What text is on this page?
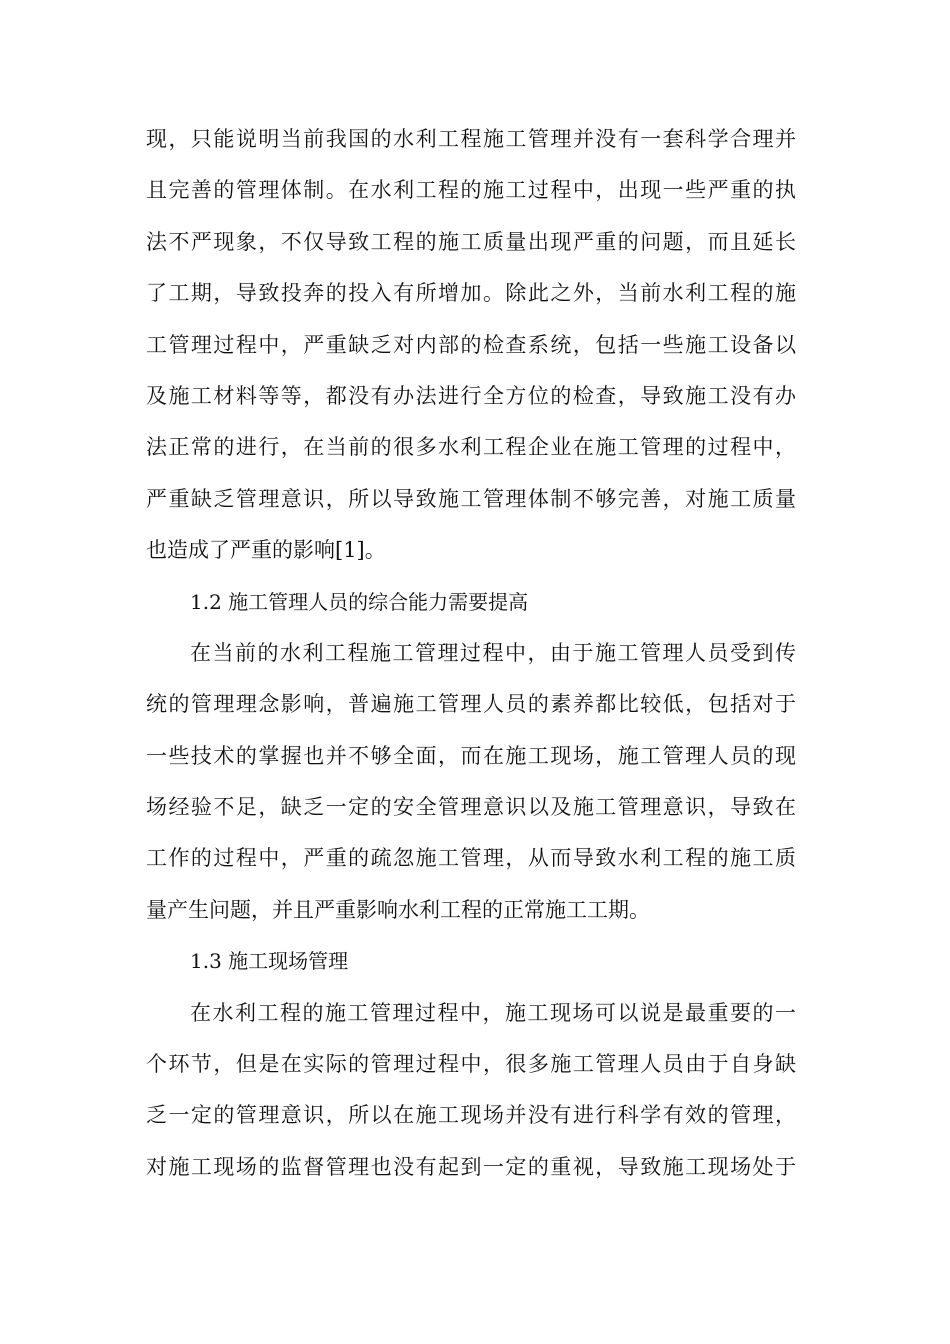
现，只能说明当前我国的水利工程施工管理并没有一套科学合理并
且完善的管理体制。在水利工程的施工过程中，出现一些严重的执
法不严现象，不仅导致工程的施工质量出现严重的问题，而且延长
了工期，导致投奔的投入有所增加。除此之外，当前水利工程的施
工管理过程中，严重缺乏对内部的检查系统，包括一些施工设备以
及施工材料等等，都没有办法进行全方位的检查，导致施工没有办
法正常的进行，在当前的很多水利工程企业在施工管理的过程中，
严重缺乏管理意识，所以导致施工管理体制不够完善，对施工质量
也造成了严重的影响[1]。
1.2 施工管理人员的综合能力需要提高
在当前的水利工程施工管理过程中，由于施工管理人员受到传
统的管理理念影响，普遍施工管理人员的素养都比较低，包括对于
一些技术的掌握也并不够全面，而在施工现场，施工管理人员的现
场经验不足，缺乏一定的安全管理意识以及施工管理意识，导致在
工作的过程中，严重的疏忽施工管理，从而导致水利工程的施工质
量产生问题，并且严重影响水利工程的正常施工工期。
1.3 施工现场管理
在水利工程的施工管理过程中，施工现场可以说是最重要的一
个环节，但是在实际的管理过程中，很多施工管理人员由于自身缺
乏一定的管理意识，所以在施工现场并没有进行科学有效的管理，
对施工现场的监督管理也没有起到一定的重视，导致施工现场处于
